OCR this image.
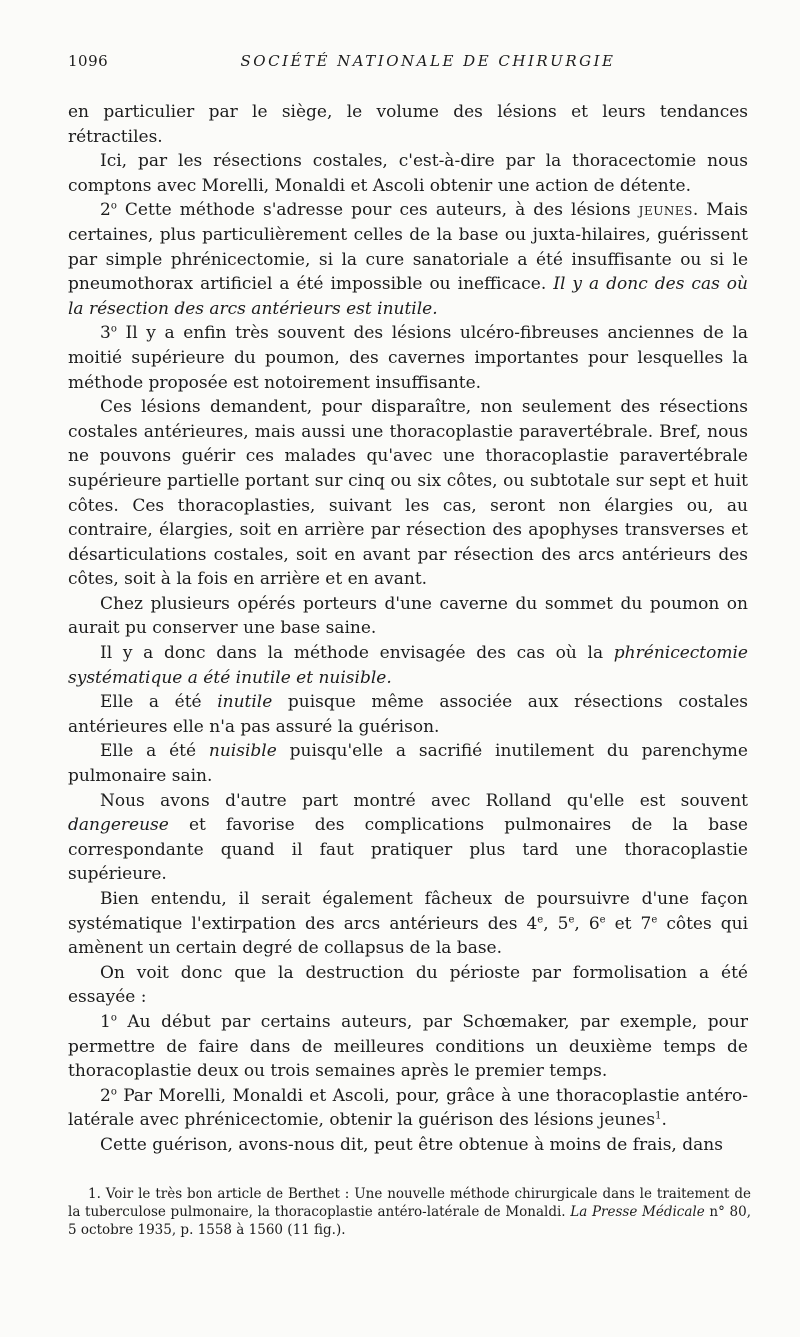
1096	SOCIÉTÉ NATIONALE DE CHIRURGIE

en particulier par le siège, le volume des lésions et leurs tendances rétractiles.

Ici, par les résections costales, c'est-à-dire par la thoracectomie nous comptons avec Morelli, Monaldi et Ascoli obtenir une action de détente.

2$^o$ Cette méthode s'adresse pour ces auteurs, à des lésions jeunes. Mais certaines, plus particulièrement celles de la base ou juxta-hilaires, guérissent par simple phrénicectomie, si la cure sanatoriale a été insuffisante ou si le pneumothorax artificiel a été impossible ou inefficace. Il y a donc des cas où la résection des arcs antérieurs est inutile.

3$^o$ Il y a enfin très souvent des lésions ulcéro-fibreuses anciennes de la moitié supérieure du poumon, des cavernes importantes pour lesquelles la méthode proposée est notoirement insuffisante.

Ces lésions demandent, pour disparaître, non seulement des résections costales antérieures, mais aussi une thoracoplastie paravertébrale. Bref, nous ne pouvons guérir ces malades qu'avec une thoracoplastie paravertébrale supérieure partielle portant sur cinq ou six côtes, ou subtotale sur sept et huit côtes. Ces thoracoplasties, suivant les cas, seront non élargies ou, au contraire, élargies, soit en arrière par résection des apophyses transverses et désarticulations costales, soit en avant par résection des arcs antérieurs des côtes, soit à la fois en arrière et en avant.

Chez plusieurs opérés porteurs d'une caverne du sommet du poumon on aurait pu conserver une base saine.

Il y a donc dans la méthode envisagée des cas où la phrénicectomie systématique a été inutile et nuisible.

Elle a été inutile puisque même associée aux résections costales antérieures elle n'a pas assuré la guérison.

Elle a été nuisible puisqu'elle a sacrifié inutilement du parenchyme pulmonaire sain.

Nous avons d'autre part montré avec Rolland qu'elle est souvent dangereuse et favorise des complications pulmonaires de la base correspondante quand il faut pratiquer plus tard une thoracoplastie supérieure.

Bien entendu, il serait également fâcheux de poursuivre d'une façon systématique l'extirpation des arcs antérieurs des 4e, 5e, 6e et 7e côtes qui amènent un certain degré de collapsus de la base.

On voit donc que la destruction du périoste par formolisation a été essayée :

1$^o$ Au début par certains auteurs, par Schœmaker, par exemple, pour permettre de faire dans de meilleures conditions un deuxième temps de thoracoplastie deux ou trois semaines après le premier temps.

2$^o$ Par Morelli, Monaldi et Ascoli, pour, grâce à une thoracoplastie antéro-latérale avec phrénicectomie, obtenir la guérison des lésions jeunes$^1$.

Cette guérison, avons-nous dit, peut être obtenue à moins de frais, dans

1. Voir le très bon article de Berthet : Une nouvelle méthode chirurgicale dans le traitement de la tuberculose pulmonaire, la thoracoplastie antéro-latérale de Monaldi. La Presse Médicale n° 80, 5 octobre 1935, p. 1558 à 1560 (11 fig.).
